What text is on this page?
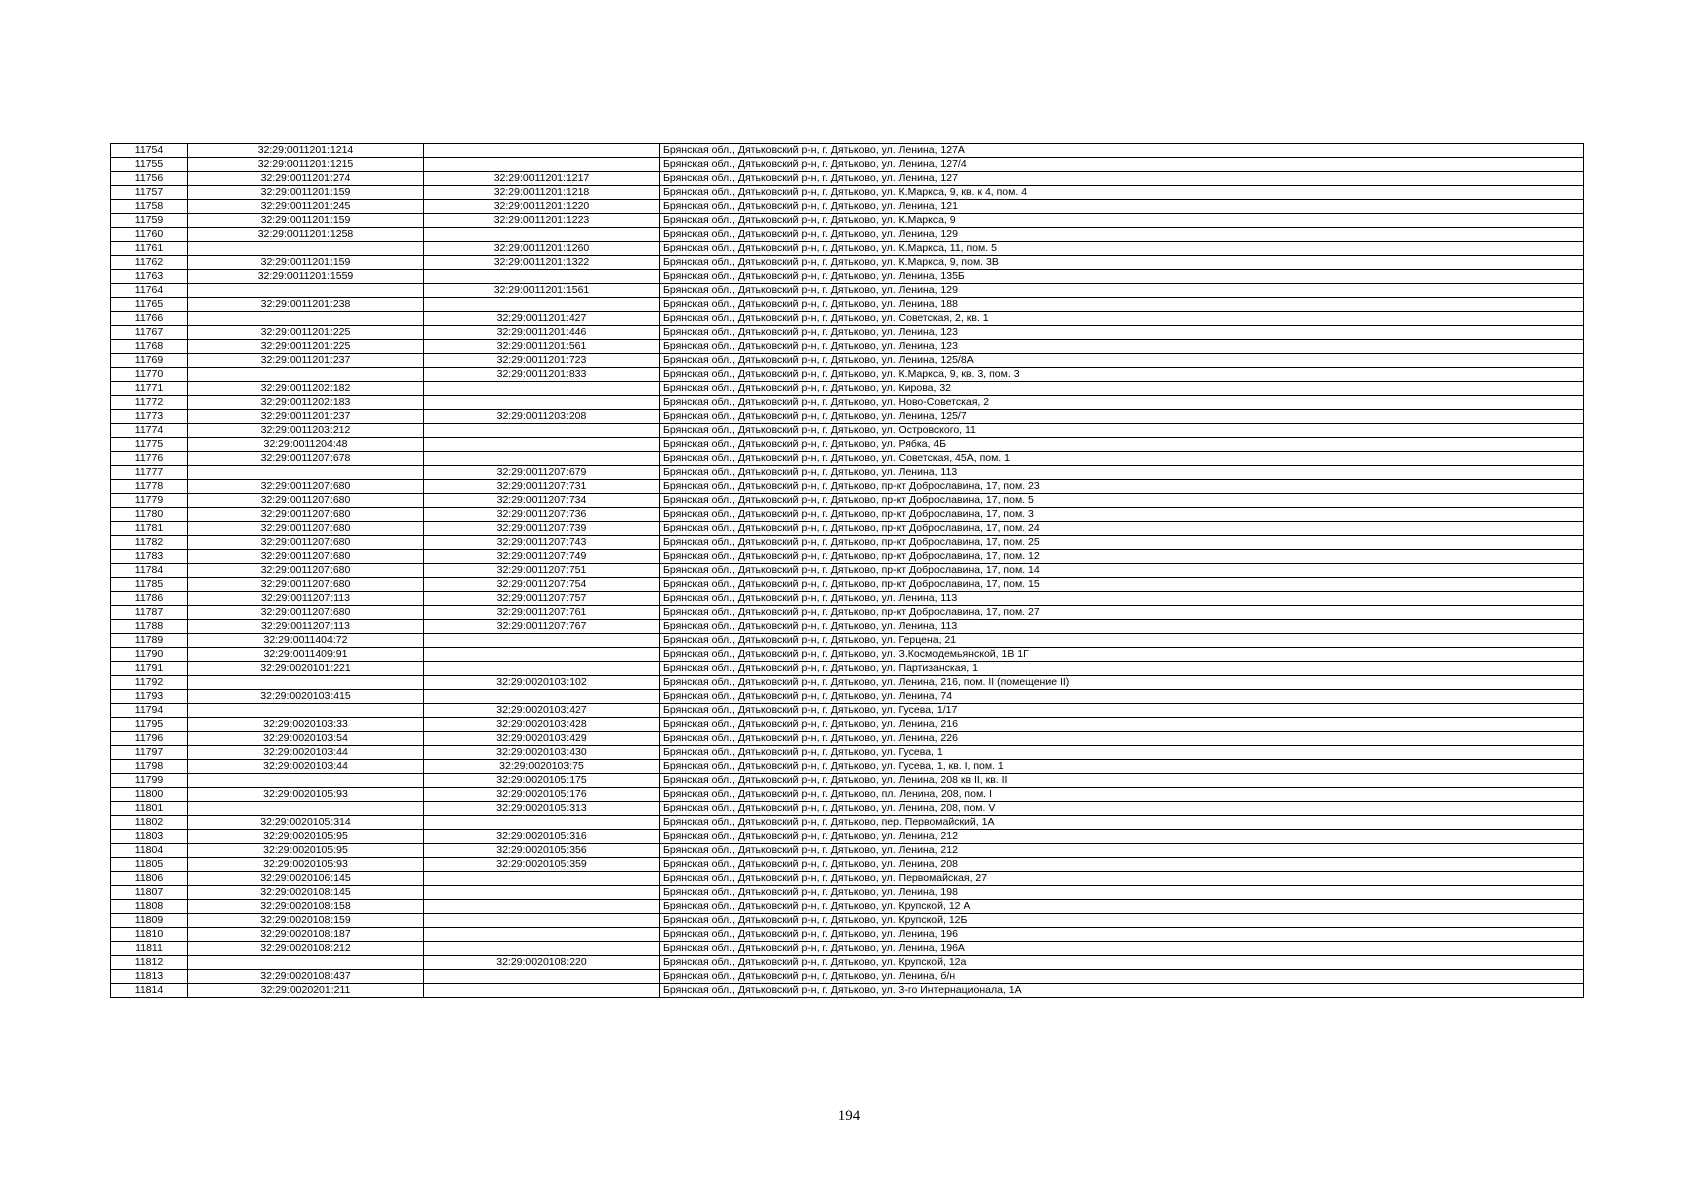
11754	32:29:0011201:1214		Брянская обл., Дятьковский р-н, г. Дятьково, ул. Ленина, 127А
11755	32:29:0011201:1215		Брянская обл., Дятьковский р-н, г. Дятьково, ул. Ленина, 127/4
11756	32:29:0011201:274	32:29:0011201:1217	Брянская обл., Дятьковский р-н, г. Дятьково, ул. Ленина, 127
11757	32:29:0011201:159	32:29:0011201:1218	Брянская обл., Дятьковский р-н, г. Дятьково, ул. К.Маркса, 9, кв. к 4, пом. 4
11758	32:29:0011201:245	32:29:0011201:1220	Брянская обл., Дятьковский р-н, г. Дятьково, ул. Ленина, 121
11759	32:29:0011201:159	32:29:0011201:1223	Брянская обл., Дятьковский р-н, г. Дятьково, ул. К.Маркса, 9
11760	32:29:0011201:1258		Брянская обл., Дятьковский р-н, г. Дятьково, ул. Ленина, 129
11761		32:29:0011201:1260	Брянская обл., Дятьковский р-н, г. Дятьково, ул. К.Маркса, 11, пом. 5
11762	32:29:0011201:159	32:29:0011201:1322	Брянская обл., Дятьковский р-н, г. Дятьково, ул. К.Маркса, 9, пом. 3В
11763	32:29:0011201:1559		Брянская обл., Дятьковский р-н, г. Дятьково, ул. Ленина, 135Б
11764		32:29:0011201:1561	Брянская обл., Дятьковский р-н, г. Дятьково, ул. Ленина, 129
11765	32:29:0011201:238		Брянская обл., Дятьковский р-н, г. Дятьково, ул. Ленина, 188
11766		32:29:0011201:427	Брянская обл., Дятьковский р-н, г. Дятьково, ул. Советская, 2, кв. 1
11767	32:29:0011201:225	32:29:0011201:446	Брянская обл., Дятьковский р-н, г. Дятьково, ул. Ленина, 123
11768	32:29:0011201:225	32:29:0011201:561	Брянская обл., Дятьковский р-н, г. Дятьково, ул. Ленина, 123
11769	32:29:0011201:237	32:29:0011201:723	Брянская обл., Дятьковский р-н, г. Дятьково, ул. Ленина, 125/8А
11770		32:29:0011201:833	Брянская обл., Дятьковский р-н, г. Дятьково, ул. К.Маркса, 9, кв. 3, пом. 3
11771	32:29:0011202:182		Брянская обл., Дятьковский р-н, г. Дятьково, ул. Кирова, 32
11772	32:29:0011202:183		Брянская обл., Дятьковский р-н, г. Дятьково, ул. Ново-Советская, 2
11773	32:29:0011201:237	32:29:0011203:208	Брянская обл., Дятьковский р-н, г. Дятьково, ул. Ленина, 125/7
11774	32:29:0011203:212		Брянская обл., Дятьковский р-н, г. Дятьково, ул. Островского, 11
11775	32:29:0011204:48		Брянская обл., Дятьковский р-н, г. Дятьково, ул. Рябка, 4Б
11776	32:29:0011207:678		Брянская обл., Дятьковский р-н, г. Дятьково, ул. Советская, 45А, пом. 1
11777		32:29:0011207:679	Брянская обл., Дятьковский р-н, г. Дятьково, ул. Ленина, 113
11778	32:29:0011207:680	32:29:0011207:731	Брянская обл., Дятьковский р-н, г. Дятьково, пр-кт Доброславина, 17, пом. 23
11779	32:29:0011207:680	32:29:0011207:734	Брянская обл., Дятьковский р-н, г. Дятьково, пр-кт Доброславина, 17, пом. 5
11780	32:29:0011207:680	32:29:0011207:736	Брянская обл., Дятьковский р-н, г. Дятьково, пр-кт Доброславина, 17, пом. 3
11781	32:29:0011207:680	32:29:0011207:739	Брянская обл., Дятьковский р-н, г. Дятьково, пр-кт Доброславина, 17, пом. 24
11782	32:29:0011207:680	32:29:0011207:743	Брянская обл., Дятьковский р-н, г. Дятьково, пр-кт Доброславина, 17, пом. 25
11783	32:29:0011207:680	32:29:0011207:749	Брянская обл., Дятьковский р-н, г. Дятьково, пр-кт Доброславина, 17, пом. 12
11784	32:29:0011207:680	32:29:0011207:751	Брянская обл., Дятьковский р-н, г. Дятьково, пр-кт Доброславина, 17, пом. 14
11785	32:29:0011207:680	32:29:0011207:754	Брянская обл., Дятьковский р-н, г. Дятьково, пр-кт Доброславина, 17, пом. 15
11786	32:29:0011207:113	32:29:0011207:757	Брянская обл., Дятьковский р-н, г. Дятьково, ул. Ленина, 113
11787	32:29:0011207:680	32:29:0011207:761	Брянская обл., Дятьковский р-н, г. Дятьково, пр-кт Доброславина, 17, пом. 27
11788	32:29:0011207:113	32:29:0011207:767	Брянская обл., Дятьковский р-н, г. Дятьково, ул. Ленина, 113
11789	32:29:0011404:72		Брянская обл., Дятьковский р-н, г. Дятьково, ул. Герцена, 21
11790	32:29:0011409:91		Брянская обл., Дятьковский р-н, г. Дятьково, ул. З.Космодемьянской, 1В 1Г
11791	32:29:0020101:221		Брянская обл., Дятьковский р-н, г. Дятьково, ул. Партизанская, 1
11792		32:29:0020103:102	Брянская обл., Дятьковский р-н, г. Дятьково, ул. Ленина, 216, пом. II (помещение II)
11793	32:29:0020103:415		Брянская обл., Дятьковский р-н, г. Дятьково, ул. Ленина, 74
11794		32:29:0020103:427	Брянская обл., Дятьковский р-н, г. Дятьково, ул. Гусева, 1/17
11795	32:29:0020103:33	32:29:0020103:428	Брянская обл., Дятьковский р-н, г. Дятьково, ул. Ленина, 216
11796	32:29:0020103:54	32:29:0020103:429	Брянская обл., Дятьковский р-н, г. Дятьково, ул. Ленина, 226
11797	32:29:0020103:44	32:29:0020103:430	Брянская обл., Дятьковский р-н, г. Дятьково, ул. Гусева, 1
11798	32:29:0020103:44	32:29:0020103:75	Брянская обл., Дятьковский р-н, г. Дятьково, ул. Гусева, 1, кв. I, пом. 1
11799		32:29:0020105:175	Брянская обл., Дятьковский р-н, г. Дятьково, ул. Ленина, 208 кв II, кв. II
11800	32:29:0020105:93	32:29:0020105:176	Брянская обл., Дятьковский р-н, г. Дятьково, пл. Ленина, 208, пом. I
11801		32:29:0020105:313	Брянская обл., Дятьковский р-н, г. Дятьково, ул. Ленина, 208, пом. V
11802	32:29:0020105:314		Брянская обл., Дятьковский р-н, г. Дятьково, пер. Первомайский, 1А
11803	32:29:0020105:95	32:29:0020105:316	Брянская обл., Дятьковский р-н, г. Дятьково, ул. Ленина, 212
11804	32:29:0020105:95	32:29:0020105:356	Брянская обл., Дятьковский р-н, г. Дятьково, ул. Ленина, 212
11805	32:29:0020105:93	32:29:0020105:359	Брянская обл., Дятьковский р-н, г. Дятьково, ул. Ленина, 208
11806	32:29:0020106:145		Брянская обл., Дятьковский р-н, г. Дятьково, ул. Первомайская, 27
11807	32:29:0020108:145		Брянская обл., Дятьковский р-н, г. Дятьково, ул. Ленина, 198
11808	32:29:0020108:158		Брянская обл., Дятьковский р-н, г. Дятьково, ул. Крупской, 12 А
11809	32:29:0020108:159		Брянская обл., Дятьковский р-н, г. Дятьково, ул. Крупской, 12Б
11810	32:29:0020108:187		Брянская обл., Дятьковский р-н, г. Дятьково, ул. Ленина, 196
11811	32:29:0020108:212		Брянская обл., Дятьковский р-н, г. Дятьково, ул. Ленина, 196А
11812		32:29:0020108:220	Брянская обл., Дятьковский р-н, г. Дятьково, ул. Крупской, 12а
11813	32:29:0020108:437		Брянская обл., Дятьковский р-н, г. Дятьково, ул. Ленина, б/н
11814	32:29:0020201:211		Брянская обл., Дятьковский р-н, г. Дятьково, ул. 3-го Интернационала, 1А
194
